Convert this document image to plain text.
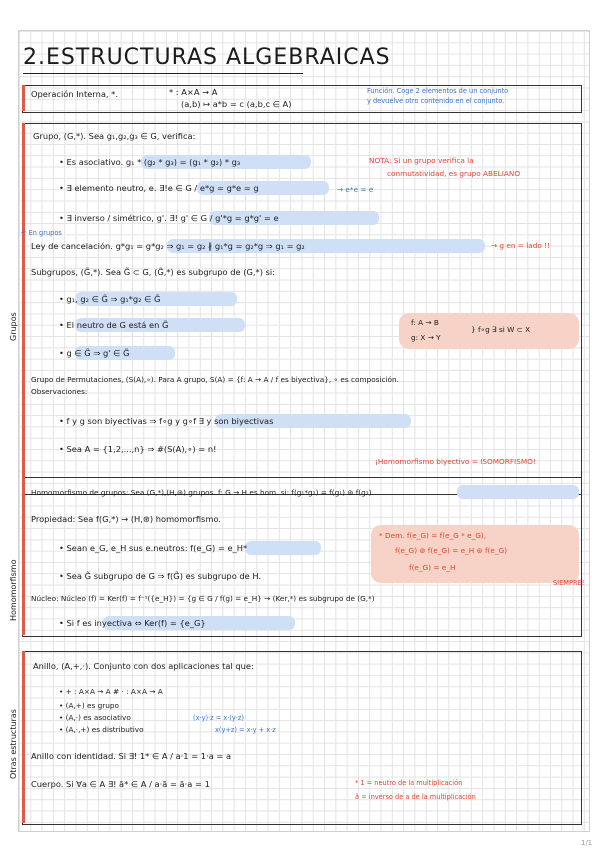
2.ESTRUCTURAS ALGEBRAICAS
Operación Interna, *.	* : A×A → A
(a,b) ↦ a*b = c (a,b,c ∈ A)
Función. Coge 2 elementos de un conjunto
y devuelve otro contenido en el conjunto.
Grupos
Grupo, (G,*). Sea g₁,g₂,g₃ ∈ G, verifica:
• Es asociativo. g₁ * (g₂ * g₃) = (g₁ * g₂) * g₃	NOTA: Si un grupo verifica la
conmutatividad, es grupo ABELIANO
• ∃ elemento neutro, e. ∃!e ∈ G / e*g = g*e = g	→ e*e = e
• ∃ inverso / simétrico, g'. ∃! g' ∈ G / g'*g = g*g' = e
↶ En grupos
Ley de cancelación. g*g₁ = g*g₂ ⇒ g₁ = g₂ ∦ g₁*g = g₂*g ⇒ g₁ = g₂	→ g en = lado !!
Subgrupos, (G̃,*). Sea G̃ ⊂ G, (G̃,*) es subgrupo de (G,*) si:
• g₁, g₂ ∈ G̃ ⇒ g₁*g₂ ∈ G̃
• El neutro de G está en G̃
• g ∈ G̃ ⇒ g' ∈ G̃
f: A → B
g: X → Y
} f∘g ∃ si W ⊂ X
Grupo de Permutaciones, (S(A),∘). Para A grupo, S(A) = {f: A → A / f es biyectiva}, ∘ es composición.
Observaciones:
• f y g son biyectivas ⇒ f∘g y g∘f ∃ y son biyectivas
• Sea A = {1,2,...,n} ⇒ #(S(A),∘) = n!
¡Homomorfismo biyectivo = ISOMORFISMO!
Homomorfismo
Homomorfismo de grupos: Sea (G,*),(H,⊛) grupos. f: G → H es hom. si: f(g₁*g₂) = f(g₁) ⊛ f(g₂)
Propiedad: Sea f(G,*) → (H,⊛) homomorfismo.
* Dem. f(e_G) = f(e_G * e_G),
f(e_G) ⊛ f(e_G) = e_H ⊛ f(e_G)
f(e_G) = e_H
• Sean e_G, e_H sus e.neutros: f(e_G) = e_H*
• Sea G̃ subgrupo de G ⇒ f(G̃) es subgrupo de H.
SIEMPRE!
Núcleo: Núcleo (f) = Ker(f) = f⁻¹({e_H}) = {g ∈ G / f(g) = e_H} → (Ker,*) es subgrupo de (G,*)
• Si f es inyectiva ⇔ Ker(f) = {e_G}
Otras estructuras
Anillo, (A,+,·). Conjunto con dos aplicaciones tal que:
• + : A×A → A # · : A×A → A
• (A,+) es grupo
• (A,·) es asociativo	(x·y)·z = x·(y·z)
• (A,·,+) es distributivo	x(y+z) = x·y + x·z
Anillo con identidad. Si ∃! 1* ∈ A / a·1 = 1·a = a
Cuerpo. Si ∀a ∈ A ∃! ã* ∈ A / a·ã = ã·a = 1	* 1 = neutro de la multiplicación
ã = inverso de a de la multiplicación
1/1
